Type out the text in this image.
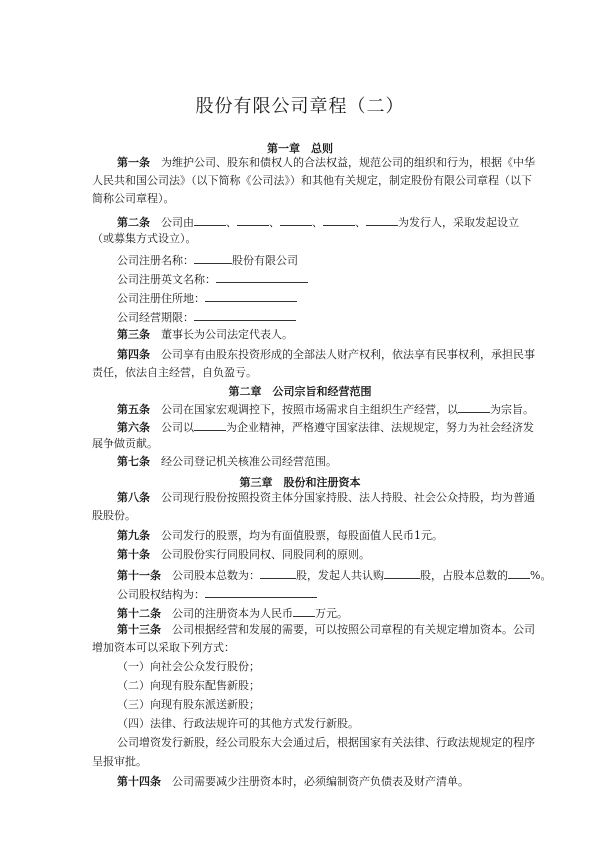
股份有限公司章程（二）
第一章　总则
第一条　 为维护公司、股东和债权人的合法权益，规范公司的组织和行为，根据《中华
人民共和国公司法》（以下简称《公司法》）和其他有关规定，制定股份有限公司章程（以下
简称公司章程）。
第二条　 公司由	、	、	、	、	为发行人，采取发起设立
（或募集方式设立）。
公司注册名称：	股份有限公司
公司注册英文名称：
公司注册住所地：
公司经营期限：
第三条　 董事长为公司法定代表人。
第四条　 公司享有由股东投资形成的全部法人财产权利，依法享有民事权利，承担民事
责任，依法自主经营，自负盈亏。
第二章　公司宗旨和经营范围
第五条　 公司在国家宏观调控下，按照市场需求自主组织生产经营，以	为宗旨。
第六条　 公司以	为企业精神，严格遵守国家法律、法规规定，努力为社会经济发
展争做贡献。
第七条　 经公司登记机关核准公司经营范围。
第三章　股份和注册资本
第八条　 公司现行股份按照投资主体分国家持股、法人持股、社会公众持股，均为普通
股股份。
第九条　 公司发行的股票，均为有面值股票，每股面值人民币1元。
第十条　 公司股份实行同股同权、同股同利的原则。
第十一条　 公司股本总数为：	股，发起人共认购	股，占股本总数的 %。
公司股权结构为：
第十二条　 公司的注册资本为人民币 万元。
第十三条　 公司根据经营和发展的需要，可以按照公司章程的有关规定增加资本。公司
增加资本可以采取下列方式：
（一）向社会公众发行股份；
（二）向现有股东配售新股；
（三）向现有股东派送新股；
（四）法律、行政法规许可的其他方式发行新股。
公司增资发行新股，经公司股东大会通过后，根据国家有关法律、行政法规规定的程序
呈报审批。
第十四条　 公司需要减少注册资本时，必须编制资产负债表及财产清单。
